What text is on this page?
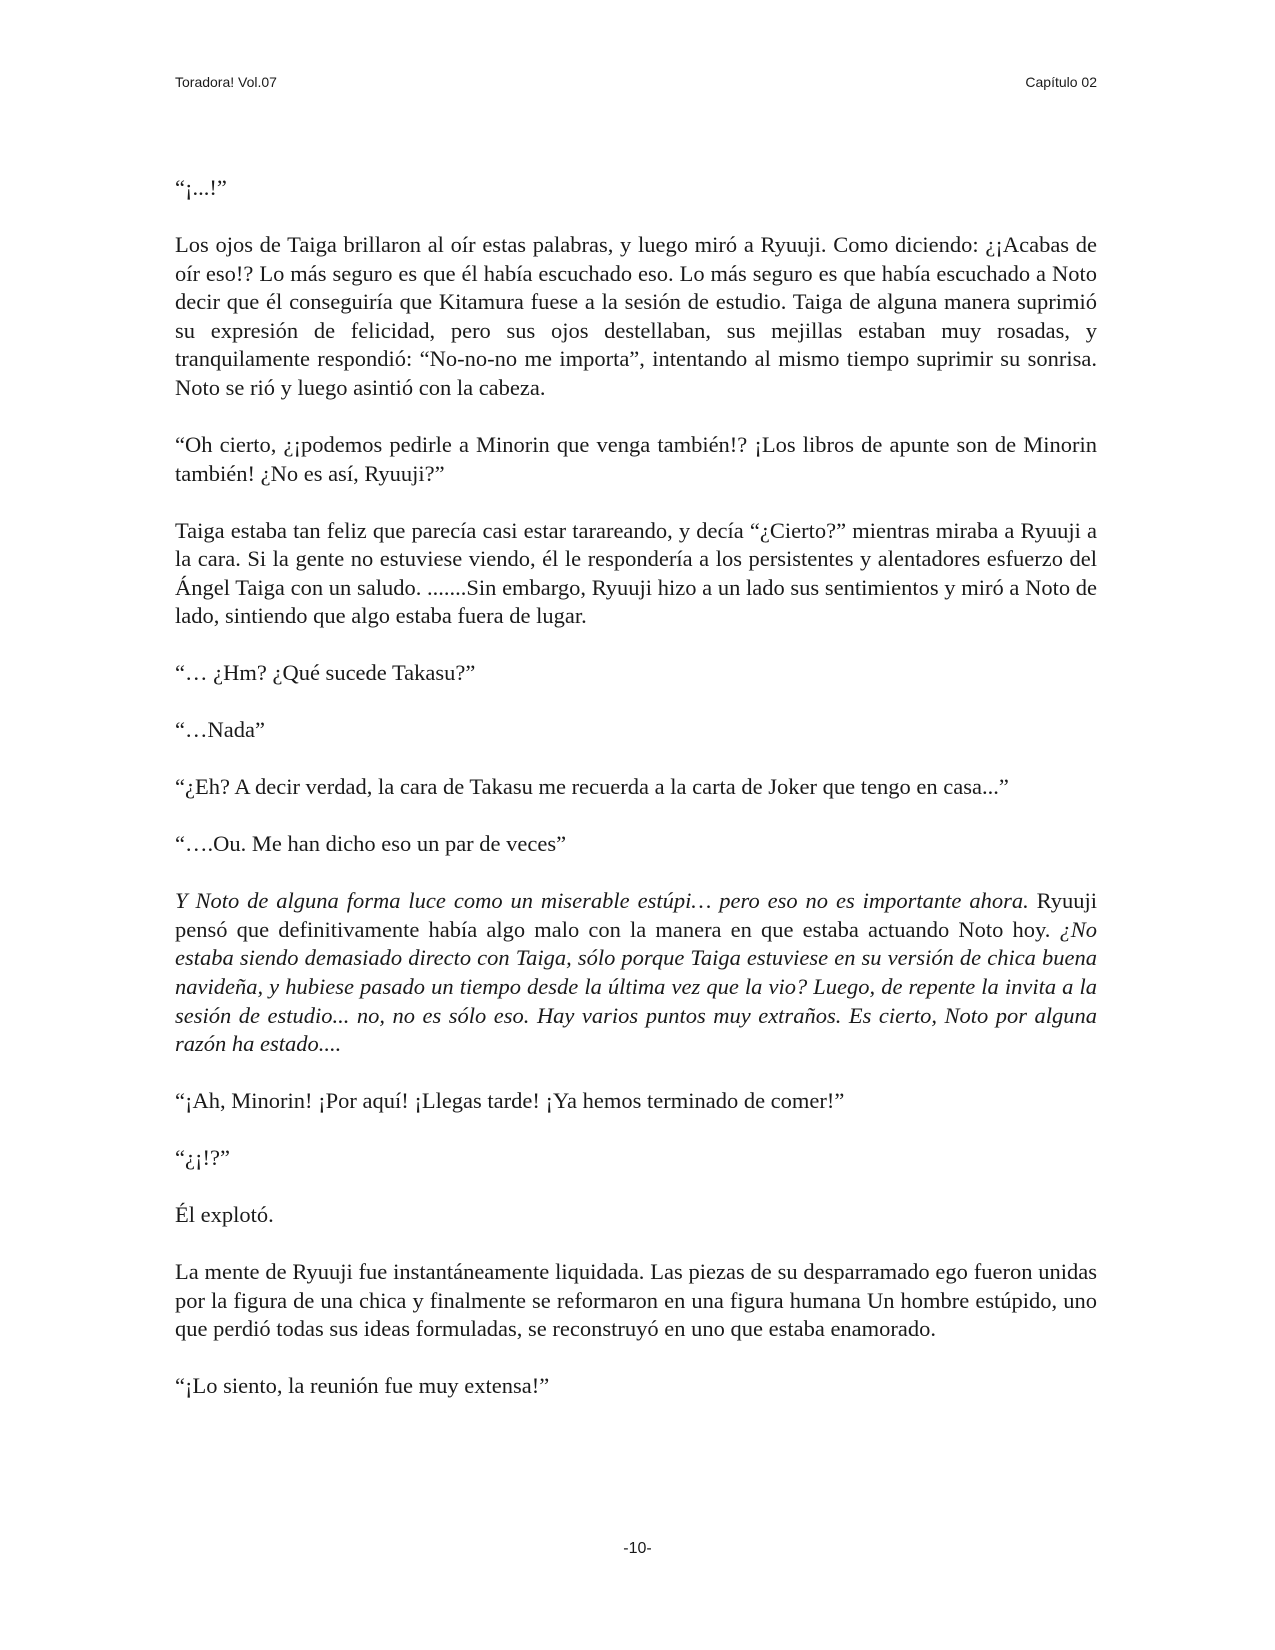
Toradora! Vol.07	Capítulo 02

“¡...!”

Los ojos de Taiga brillaron al oír estas palabras, y luego miró a Ryuuji. Como diciendo: ¿¡Acabas de oír eso!? Lo más seguro es que él había escuchado eso. Lo más seguro es que había escuchado a Noto decir que él conseguiría que Kitamura fuese a la sesión de estudio. Taiga de alguna manera suprimió su expresión de felicidad, pero sus ojos destellaban, sus mejillas estaban muy rosadas, y tranquilamente respondió: “No-no-no me importa”, intentando al mismo tiempo suprimir su sonrisa. Noto se rió y luego asintió con la cabeza.

“Oh cierto, ¿¡podemos pedirle a Minorin que venga también!? ¡Los libros de apunte son de Minorin también! ¿No es así, Ryuuji?”

Taiga estaba tan feliz que parecía casi estar tarareando, y decía “¿Cierto?” mientras miraba a Ryuuji a la cara. Si la gente no estuviese viendo, él le respondería a los persistentes y alentadores esfuerzo del Ángel Taiga con un saludo. .......Sin embargo, Ryuuji hizo a un lado sus sentimientos y miró a Noto de lado, sintiendo que algo estaba fuera de lugar.

“… ¿Hm? ¿Qué sucede Takasu?”

“…Nada”

“¿Eh? A decir verdad, la cara de Takasu me recuerda a la carta de Joker que tengo en casa...”

“….Ou. Me han dicho eso un par de veces”

Y Noto de alguna forma luce como un miserable estúpi… pero eso no es importante ahora. Ryuuji pensó que definitivamente había algo malo con la manera en que estaba actuando Noto hoy. ¿No estaba siendo demasiado directo con Taiga, sólo porque Taiga estuviese en su versión de chica buena navideña, y hubiese pasado un tiempo desde la última vez que la vio? Luego, de repente la invita a la sesión de estudio... no, no es sólo eso. Hay varios puntos muy extraños. Es cierto, Noto por alguna razón ha estado....

“¡Ah, Minorin! ¡Por aquí! ¡Llegas tarde! ¡Ya hemos terminado de comer!”

“¿¡!?”

Él explotó.

La mente de Ryuuji fue instantáneamente liquidada. Las piezas de su desparramado ego fueron unidas por la figura de una chica y finalmente se reformaron en una figura humana Un hombre estúpido, uno que perdió todas sus ideas formuladas, se reconstruyó en uno que estaba enamorado.

“¡Lo siento, la reunión fue muy extensa!”

-10-
